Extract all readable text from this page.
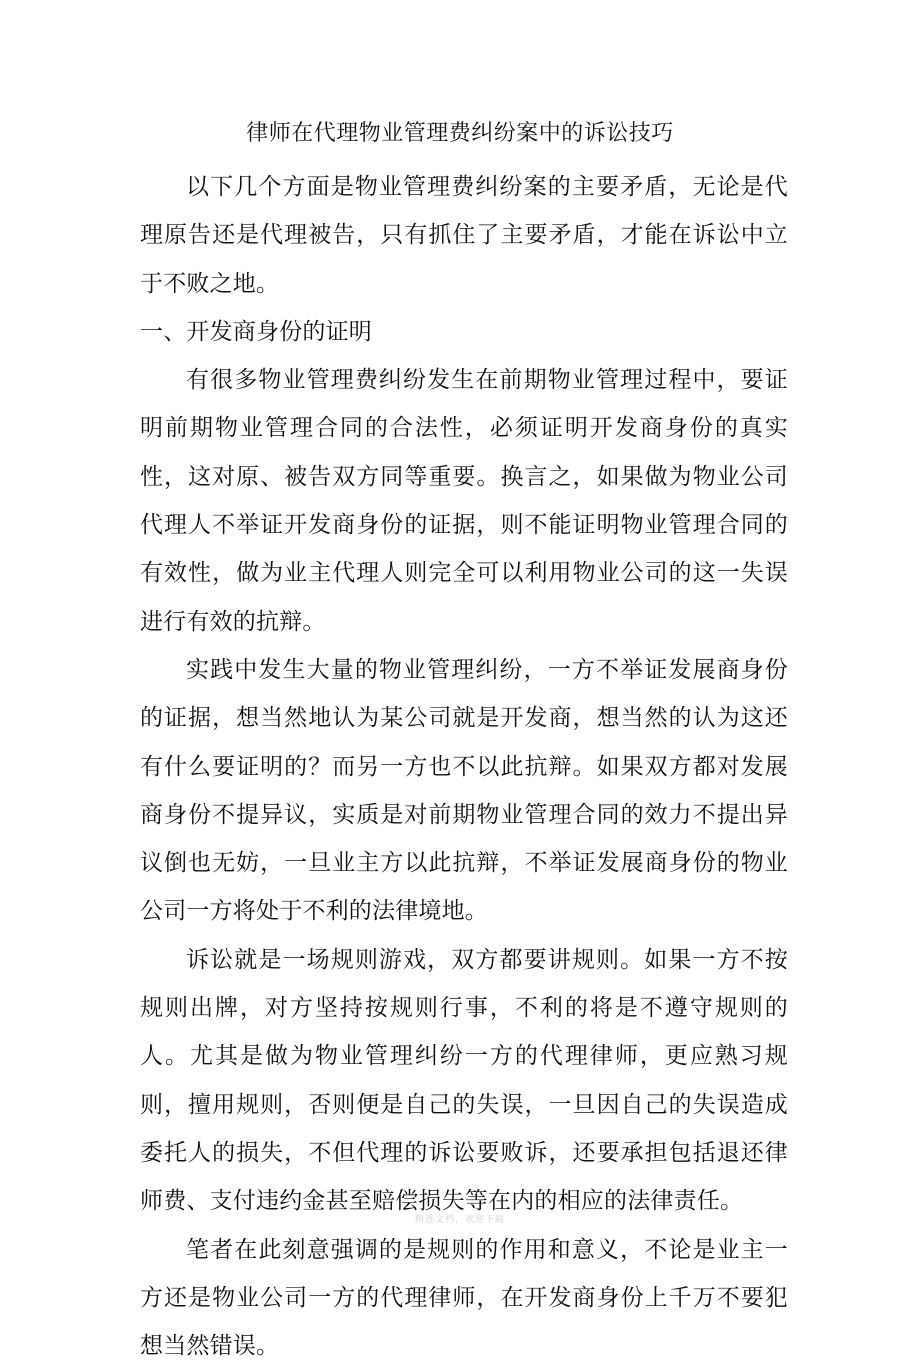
律师在代理物业管理费纠纷案中的诉讼技巧

以下几个方面是物业管理费纠纷案的主要矛盾，无论是代理原告还是代理被告，只有抓住了主要矛盾，才能在诉讼中立于不败之地。

一、开发商身份的证明

有很多物业管理费纠纷发生在前期物业管理过程中，要证明前期物业管理合同的合法性，必须证明开发商身份的真实性，这对原、被告双方同等重要。换言之，如果做为物业公司代理人不举证开发商身份的证据，则不能证明物业管理合同的有效性，做为业主代理人则完全可以利用物业公司的这一失误进行有效的抗辩。

实践中发生大量的物业管理纠纷，一方不举证发展商身份的证据，想当然地认为某公司就是开发商，想当然的认为这还有什么要证明的？而另一方也不以此抗辩。如果双方都对发展商身份不提异议，实质是对前期物业管理合同的效力不提出异议倒也无妨，一旦业主方以此抗辩，不举证发展商身份的物业公司一方将处于不利的法律境地。

诉讼就是一场规则游戏，双方都要讲规则。如果一方不按规则出牌，对方坚持按规则行事，不利的将是不遵守规则的人。尤其是做为物业管理纠纷一方的代理律师，更应熟习规则，擅用规则，否则便是自己的失误，一旦因自己的失误造成委托人的损失，不但代理的诉讼要败诉，还要承担包括退还律师费、支付违约金甚至赔偿损失等在内的相应的法律责任。

笔者在此刻意强调的是规则的作用和意义，不论是业主一方还是物业公司一方的代理律师，在开发商身份上千万不要犯想当然错误。

精选文档，欢迎下载
